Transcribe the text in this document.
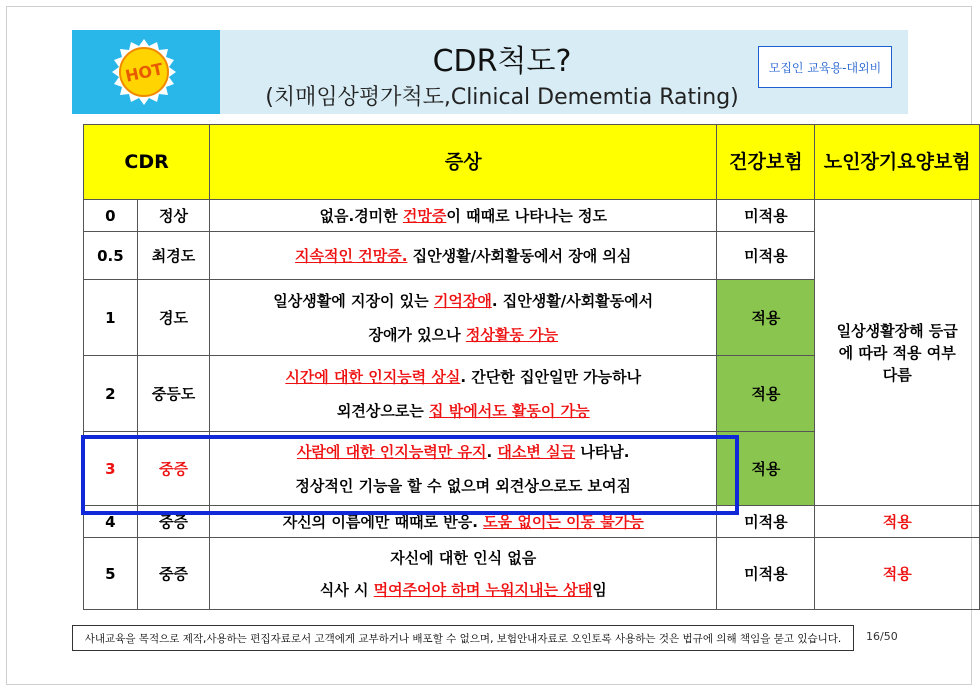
HOT	CDR척도?
(치매임상평가척도,Clinical Dememtia Rating)
모집인 교육용-대외비
CDR		증상	건강보험	노인장기요양보험
0	정상	없음.경미한 건망증이 때때로 나타나는 정도	미적용	일상생활장해 등급에 따라 적용 여부 다름
0.5	최경도	지속적인 건망증. 집안생활/사회활동에서 장애 의심	미적용	
1	경도	일상생활에 지장이 있는 기억장애. 집안생활/사회활동에서
장애가 있으나 정상활동 가능	적용	
2	중등도	시간에 대한 인지능력 상실. 간단한 집안일만 가능하나
외견상으로는 집 밖에서도 활동이 가능	적용	
3	중증	사람에 대한 인지능력만 유지. 대소변 실금 나타남.
정상적인 기능을 할 수 없으며 외견상으로도 보여짐	적용	
4	중증	자신의 이름에만 때때로 반응. 도움 없이는 이동 불가능	미적용	적용
5	중증	자신에 대한 인식 없음
식사 시 먹여주어야 하며 누워지내는 상태임	미적용	적용
사내교육을 목적으로 제작,사용하는 편집자료로서 고객에게 교부하거나 배포할 수 없으며, 보험안내자료로 오인토록 사용하는 것은 법규에 의해 책임을 묻고 있습니다.	16/50
